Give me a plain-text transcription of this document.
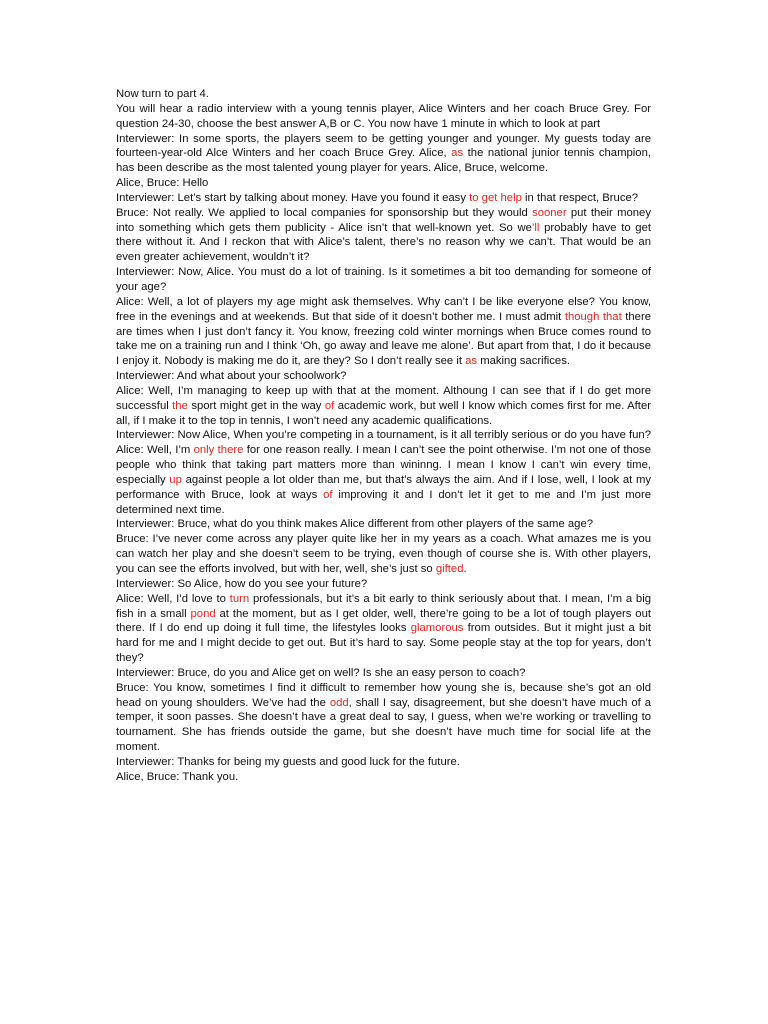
Now turn to part 4.

You will hear a radio interview with a young tennis player, Alice Winters and her coach Bruce Grey. For question 24-30, choose the best answer A,B or C. You now have 1 minute in which to look at part

Interviewer: In some sports, the players seem to be getting younger and younger. My guests today are fourteen-year-old Alce Winters and her coach Bruce Grey. Alice, as the national junior tennis champion, has been describe as the most talented young player for years. Alice, Bruce, welcome.

Alice, Bruce: Hello

Interviewer: Let’s start by talking about money. Have you found it easy to get help in that respect, Bruce?

Bruce: Not really. We applied to local companies for sponsorship but they would sooner put their money into something which gets them publicity - Alice isn’t that well-known yet. So we’ll probably have to get there without it. And I reckon that with Alice’s talent, there’s no reason why we can’t. That would be an even greater achievement, wouldn’t it?

Interviewer: Now, Alice. You must do a lot of training. Is it sometimes a bit too demanding for someone of your age?

Alice: Well, a lot of players my age might ask themselves. Why can’t I be like everyone else? You know, free in the evenings and at weekends. But that side of it doesn’t bother me. I must admit though that there are times when I just don’t fancy it. You know, freezing cold winter mornings when Bruce comes round to take me on a training run and I think ‘Oh, go away and leave me alone’. But apart from that, I do it because I enjoy it. Nobody is making me do it, are they? So I don’t really see it as making sacrifices.

Interviewer: And what about your schoolwork?

Alice: Well, I’m managing to keep up with that at the moment. Althoung I can see that if I do get more successful the sport might get in the way of academic work, but well I know which comes first for me. After all, if I make it to the top in tennis, I won’t need any academic qualifications.

Interviewer: Now Alice, When you’re competing in a tournament, is it all terribly serious or do you have fun?

Alice: Well, I’m only there for one reason really. I mean I can’t see the point otherwise. I’m not one of those people who think that taking part matters more than wininng. I mean I know I can’t win every time, especially up against people a lot older than me, but that’s always the aim. And if I lose, well, I look at my performance with Bruce, look at ways of improving it and I don’t let it get to me and I’m just more determined next time.

Interviewer: Bruce, what do you think makes Alice different from other players of the same age?

Bruce: I’ve never come across any player quite like her in my years as a coach. What amazes me is you can watch her play and she doesn’t seem to be trying, even though of course she is. With other players, you can see the efforts involved, but with her, well, she’s just so gifted.

Interviewer: So Alice, how do you see your future?

Alice: Well, I’d love to turn professionals, but it’s a bit early to think seriously about that. I mean, I’m a big fish in a small pond at the moment, but as I get older, well, there’re going to be a lot of tough players out there. If I do end up doing it full time, the lifestyles looks glamorous from outsides. But it might just a bit hard for me and I might decide to get out. But it’s hard to say. Some people stay at the top for years, don’t they?

Interviewer: Bruce, do you and Alice get on well? Is she an easy person to coach?

Bruce: You know, sometimes I find it difficult to remember how young she is, because she’s got an old head on young shoulders. We’ve had the odd, shall I say, disagreement, but she doesn’t have much of a temper, it soon passes. She doesn’t have a great deal to say, I guess, when we’re working or travelling to tournament. She has friends outside the game, but she doesn’t have much time for social life at the moment.

Interviewer: Thanks for being my guests and good luck for the future.

Alice, Bruce: Thank you.
